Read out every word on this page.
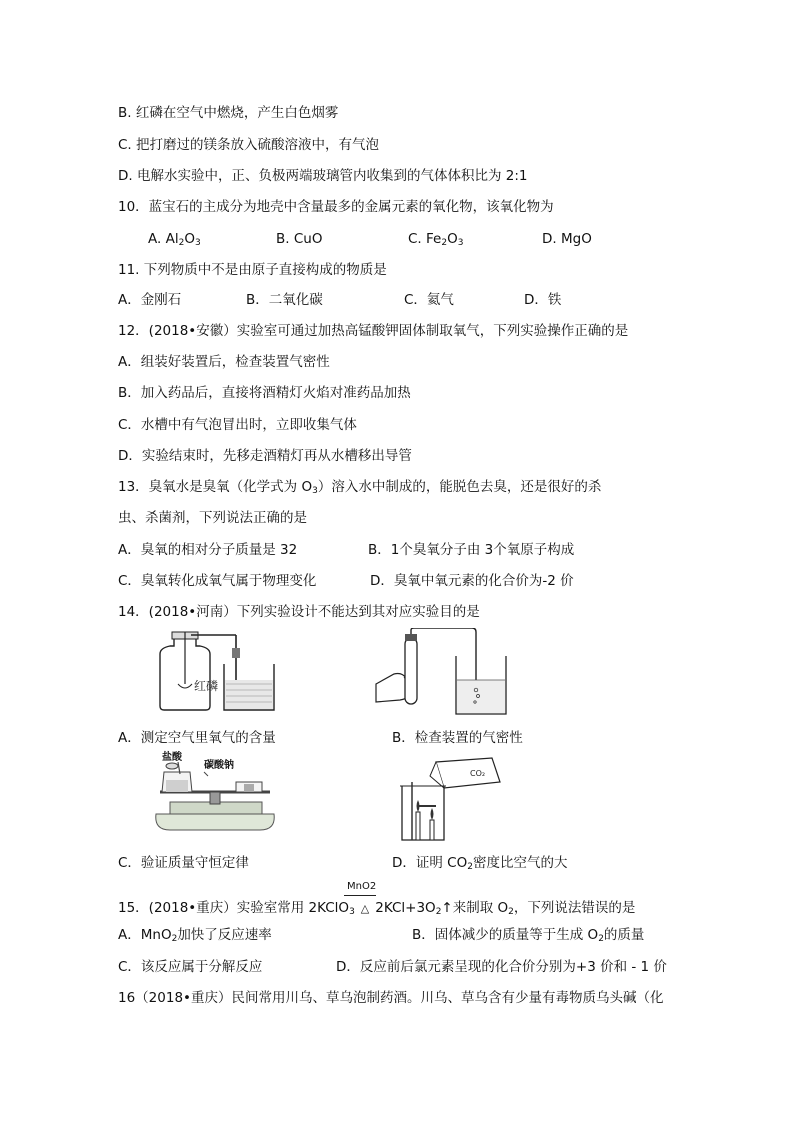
B. 红磷在空气中燃烧，产生白色烟雾
C. 把打磨过的镁条放入硫酸溶液中，有气泡
D. 电解水实验中，正、负极两端玻璃管内收集到的气体体积比为 2:1
10．蓝宝石的主成分为地壳中含量最多的金属元素的氧化物，该氧化物为
A. $Al_2O_3$	B. CuO	C. $Fe_2O_3$	D. MgO
11. 下列物质中不是由原子直接构成的物质是
A．金刚石	B．二氧化碳	C．氦气	D．铁
12．(2018•安徽）实验室可通过加热高锰酸钾固体制取氧气，下列实验操作正确的是
A．组装好装置后，检查装置气密性
B．加入药品后，直接将酒精灯火焰对准药品加热
C．水槽中有气泡冒出时，立即收集气体
D．实验结束时，先移走酒精灯再从水槽移出导管
13．臭氧水是臭氧（化学式为 $O_3$）溶入水中制成的，能脱色去臭，还是很好的杀
虫、杀菌剂，下列说法正确的是
A．臭氧的相对分子质量是 32	B．1个臭氧分子由 3个氧原子构成
C．臭氧转化成氧气属于物理变化	D．臭氧中氧元素的化合价为-2 价
14．(2018•河南）下列实验设计不能达到其对应实验目的是
红磷
A．测定空气里氧气的含量	B．检查装置的气密性
盐酸
碳酸钠
CO₂
C．验证质量守恒定律	D．证明 $CO_2$密度比空气的大
MnO2
15．(2018•重庆）实验室常用 2KClO$_3$ △ $2KCl+3O_2↑$来制取 $O_2$，下列说法错误的是
A．MnO$_2$加快了反应速率	B．固体减少的质量等于生成 $O_2$的质量
C．该反应属于分解反应	D．反应前后氯元素呈现的化合价分别为+3 价和 - 1 价
16（2018•重庆）民间常用川乌、草乌泡制药酒。川乌、草乌含有少量有毒物质乌头碱（化
